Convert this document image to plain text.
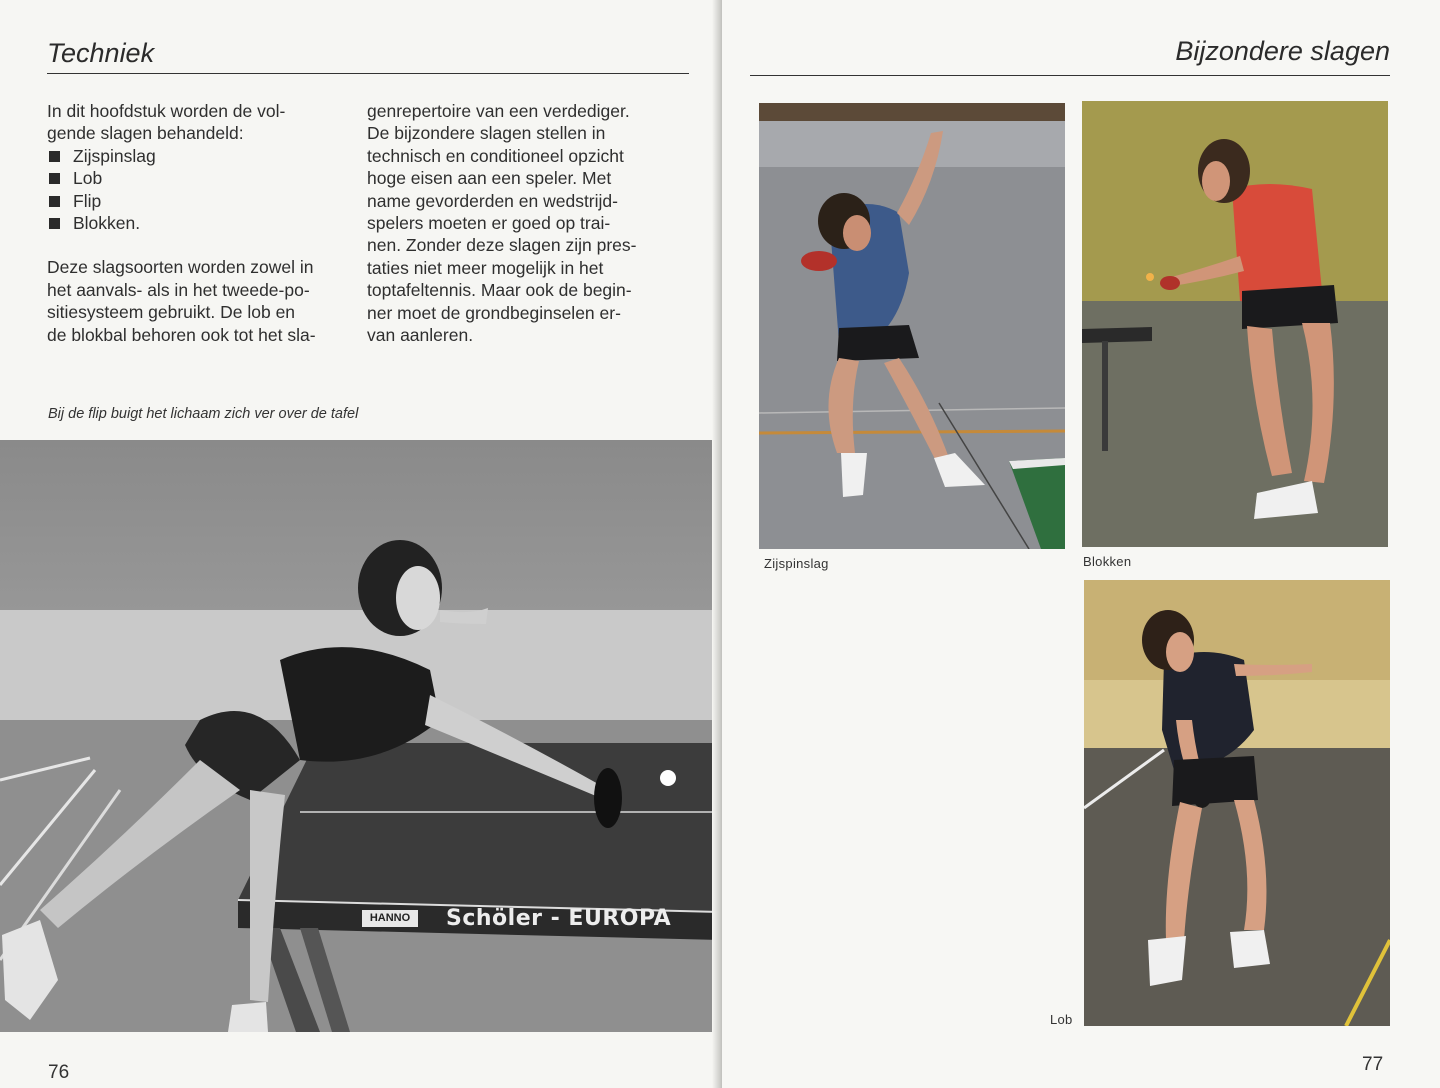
Techniek

In dit hoofdstuk worden de vol-

gende slagen behandeld:

Zijspinslag
Lob
Flip
Blokken.

Deze slagsoorten worden zowel in

het aanvals- als in het tweede-po-

sitiesysteem gebruikt. De lob en

de blokbal behoren ook tot het sla-

genrepertoire van een verdediger.

De bijzondere slagen stellen in

technisch en conditioneel opzicht

hoge eisen aan een speler. Met

name gevorderden en wedstrijd-

spelers moeten er goed op trai-

nen. Zonder deze slagen zijn pres-

taties niet meer mogelijk in het

toptafeltennis. Maar ook de begin-

ner moet de grondbeginselen er-

van aanleren.

Bij de flip buigt het lichaam zich ver over de tafel
HANNO	Schöler - EUROPA
76
Bijzondere slagen
Zijspinslag	Blokken
Lob
77
